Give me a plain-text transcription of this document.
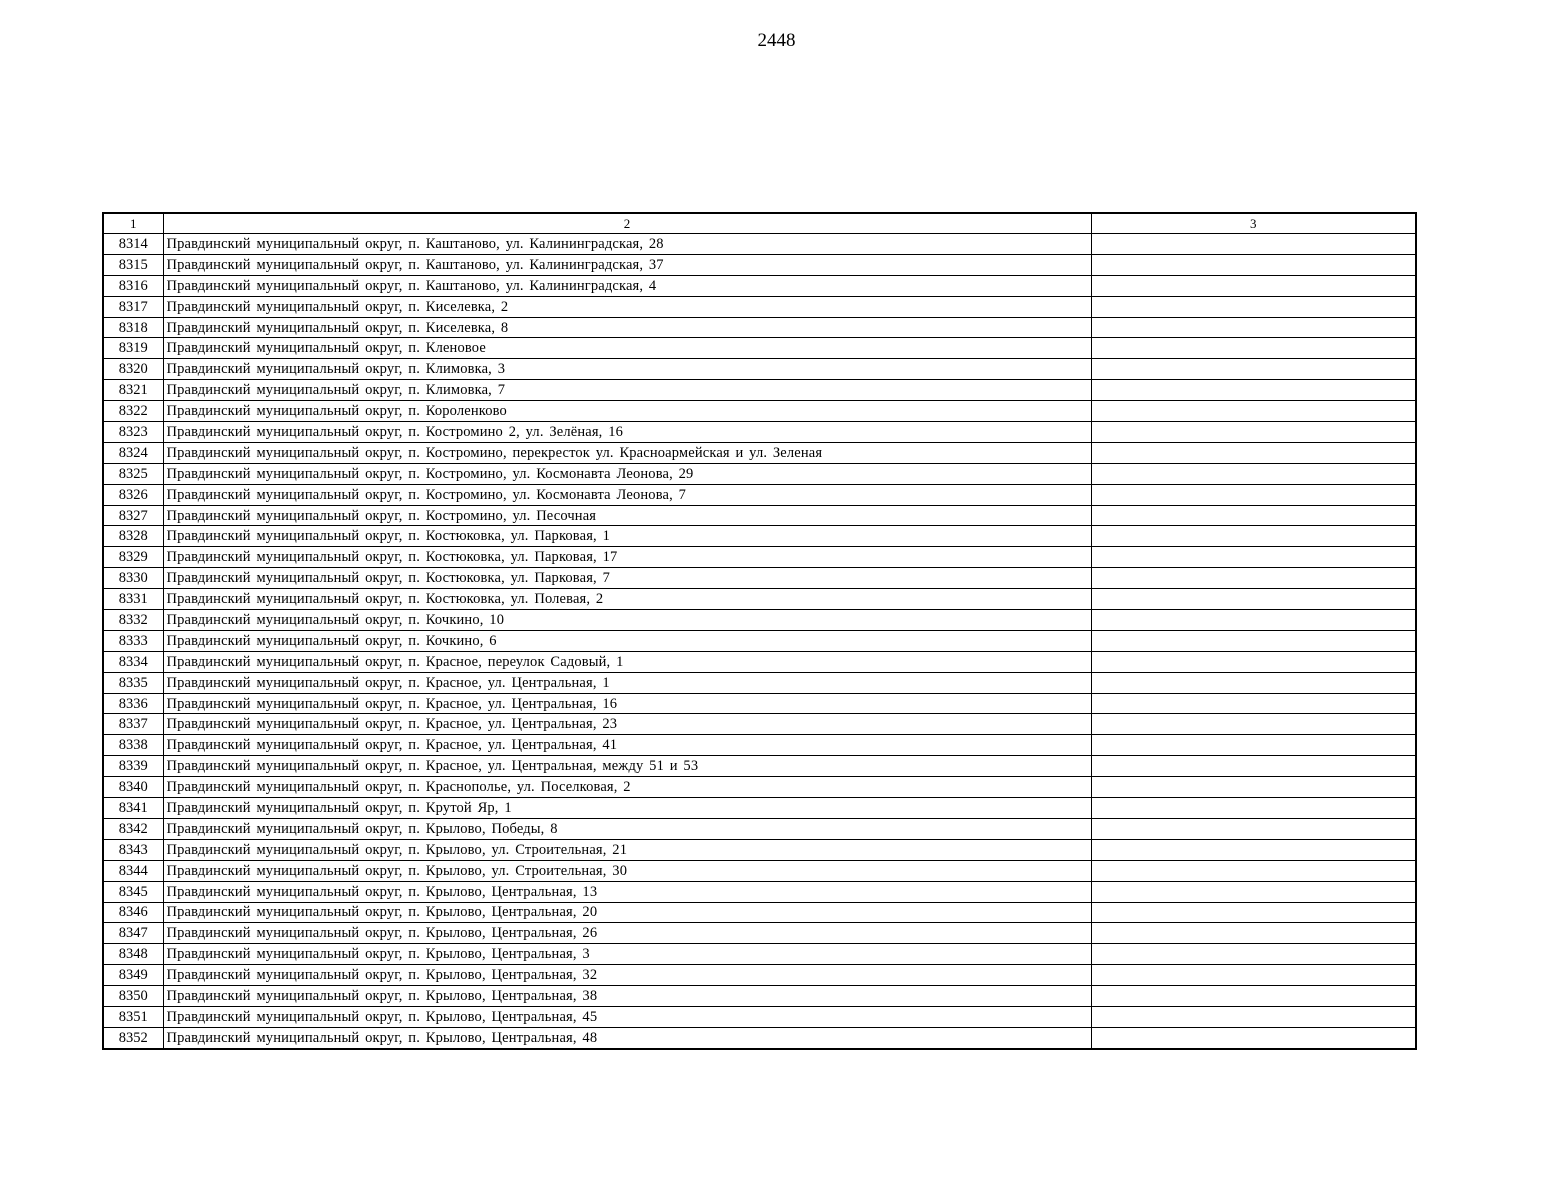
2448
1	2	3
8314	Правдинский муниципальный округ, п. Каштаново, ул. Калининградская, 28	
8315	Правдинский муниципальный округ, п. Каштаново, ул. Калининградская, 37	
8316	Правдинский муниципальный округ, п. Каштаново, ул. Калининградская, 4	
8317	Правдинский муниципальный округ, п. Киселевка, 2	
8318	Правдинский муниципальный округ, п. Киселевка, 8	
8319	Правдинский муниципальный округ, п. Кленовое	
8320	Правдинский муниципальный округ, п. Климовка, 3	
8321	Правдинский муниципальный округ, п. Климовка, 7	
8322	Правдинский муниципальный округ, п. Короленково	
8323	Правдинский муниципальный округ, п. Костромино 2, ул. Зелёная, 16	
8324	Правдинский муниципальный округ, п. Костромино, перекресток ул. Красноармейская и ул. Зеленая	
8325	Правдинский муниципальный округ, п. Костромино, ул. Космонавта Леонова, 29	
8326	Правдинский муниципальный округ, п. Костромино, ул. Космонавта Леонова, 7	
8327	Правдинский муниципальный округ, п. Костромино, ул. Песочная	
8328	Правдинский муниципальный округ, п. Костюковка, ул. Парковая, 1	
8329	Правдинский муниципальный округ, п. Костюковка, ул. Парковая, 17	
8330	Правдинский муниципальный округ, п. Костюковка, ул. Парковая, 7	
8331	Правдинский муниципальный округ, п. Костюковка, ул. Полевая, 2	
8332	Правдинский муниципальный округ, п. Кочкино, 10	
8333	Правдинский муниципальный округ, п. Кочкино, 6	
8334	Правдинский муниципальный округ, п. Красное, переулок Садовый, 1	
8335	Правдинский муниципальный округ, п. Красное, ул. Центральная, 1	
8336	Правдинский муниципальный округ, п. Красное, ул. Центральная, 16	
8337	Правдинский муниципальный округ, п. Красное, ул. Центральная, 23	
8338	Правдинский муниципальный округ, п. Красное, ул. Центральная, 41	
8339	Правдинский муниципальный округ, п. Красное, ул. Центральная, между 51 и 53	
8340	Правдинский муниципальный округ, п. Краснополье, ул. Поселковая, 2	
8341	Правдинский муниципальный округ, п. Крутой Яр, 1	
8342	Правдинский муниципальный округ, п. Крылово, Победы, 8	
8343	Правдинский муниципальный округ, п. Крылово, ул. Строительная, 21	
8344	Правдинский муниципальный округ, п. Крылово, ул. Строительная, 30	
8345	Правдинский муниципальный округ, п. Крылово, Центральная, 13	
8346	Правдинский муниципальный округ, п. Крылово, Центральная, 20	
8347	Правдинский муниципальный округ, п. Крылово, Центральная, 26	
8348	Правдинский муниципальный округ, п. Крылово, Центральная, 3	
8349	Правдинский муниципальный округ, п. Крылово, Центральная, 32	
8350	Правдинский муниципальный округ, п. Крылово, Центральная, 38	
8351	Правдинский муниципальный округ, п. Крылово, Центральная, 45	
8352	Правдинский муниципальный округ, п. Крылово, Центральная, 48	
